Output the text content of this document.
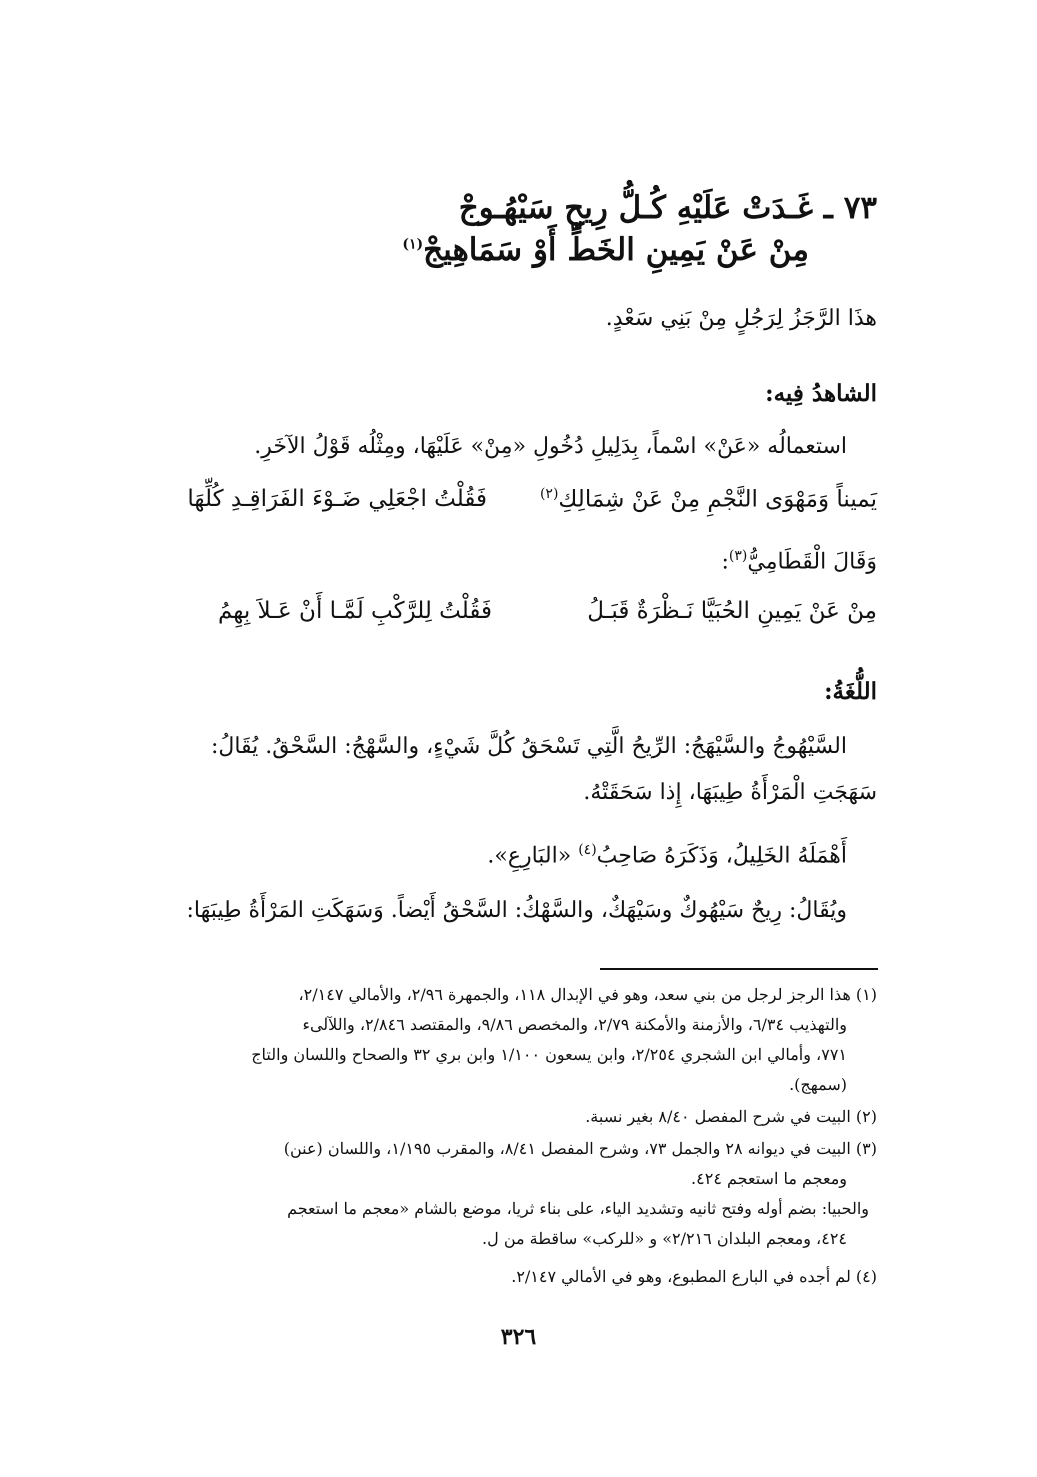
٧٣ ـ غَـدَتْ عَلَيْهِ كُـلُّ رِيحٍ سَيْهُـوجْ
مِنْ عَنْ يَمِينِ الخَطِّ أَوْ سَمَاهِيجْ$^{(١)}$
هذَا الرَّجَزُ لِرَجُلٍ مِنْ بَنِي سَعْدٍ.
الشاهدُ فِيه:
استعمالُه «عَنْ» اسْماً، بِدَلِيلِ دُخُولِ «مِنْ» عَلَيْهَا، ومِثْلُه قَوْلُ الآخَرِ.
يَميناً وَمَهْوَى النَّجْمِ مِنْ عَنْ شِمَالِكِ$^{(٢)}$
فَقُلْتُ اجْعَلِي ضَـوْءَ الفَرَاقِـدِ كُلِّهَا
وَقَالَ الْقَطَامِيُّ$^{(٣)}$:
مِنْ عَنْ يَمِينِ الحُبَيَّا نَـظْرَةٌ قَبَـلُ
فَقُلْتُ لِلرَّكْبِ لَمَّـا أَنْ عَـلاَ بِهِمُ
اللُّغَةُ:
السَّيْهُوجُ والسَّيْهَجُ: الرِّيحُ الَّتِي تَسْحَقُ كُلَّ شَيْءٍ، والسَّهْجُ: السَّحْقُ. يُقَالُ:
سَهَجَتِ الْمَرْأَةُ طِيبَهَا، إِذا سَحَقَتْهُ.
أَهْمَلَهُ الخَلِيلُ، وَذَكَرَهُ صَاحِبُ$^{(٤)}$ «البَارِعِ».
ويُقَالُ: رِيحٌ سَيْهُوكٌ وسَيْهَكٌ، والسَّهْكُ: السَّحْقُ أَيْضاً. وَسَهَكَتِ المَرْأَةُ طِيبَهَا:
(١) هذا الرجز لرجل من بني سعد، وهو في الإبدال ١١٨، والجمهرة ٢/٩٦، والأمالي ٢/١٤٧،
والتهذيب ٦/٣٤، والأزمنة والأمكنة ٢/٧٩، والمخصص ٩/٨٦، والمقتصد ٢/٨٤٦، واللآلىء
٧٧١، وأمالي ابن الشجري ٢/٢٥٤، وابن يسعون ١/١٠٠ وابن بري ٣٢ والصحاح واللسان والتاج
(سمهج).
(٢) البيت في شرح المفصل ٨/٤٠ بغير نسبة.
(٣) البيت في ديوانه ٢٨ والجمل ٧٣، وشرح المفصل ٨/٤١، والمقرب ١/١٩٥، واللسان (عنن)
ومعجم ما استعجم ٤٢٤.
والحبيا: بضم أوله وفتح ثانيه وتشديد الياء، على بناء ثريا، موضع بالشام «معجم ما استعجم
٤٢٤، ومعجم البلدان ٢/٢١٦» و «للركب» ساقطة من ل.
(٤) لم أجده في البارع المطبوع، وهو في الأمالي ٢/١٤٧.
٣٢٦
